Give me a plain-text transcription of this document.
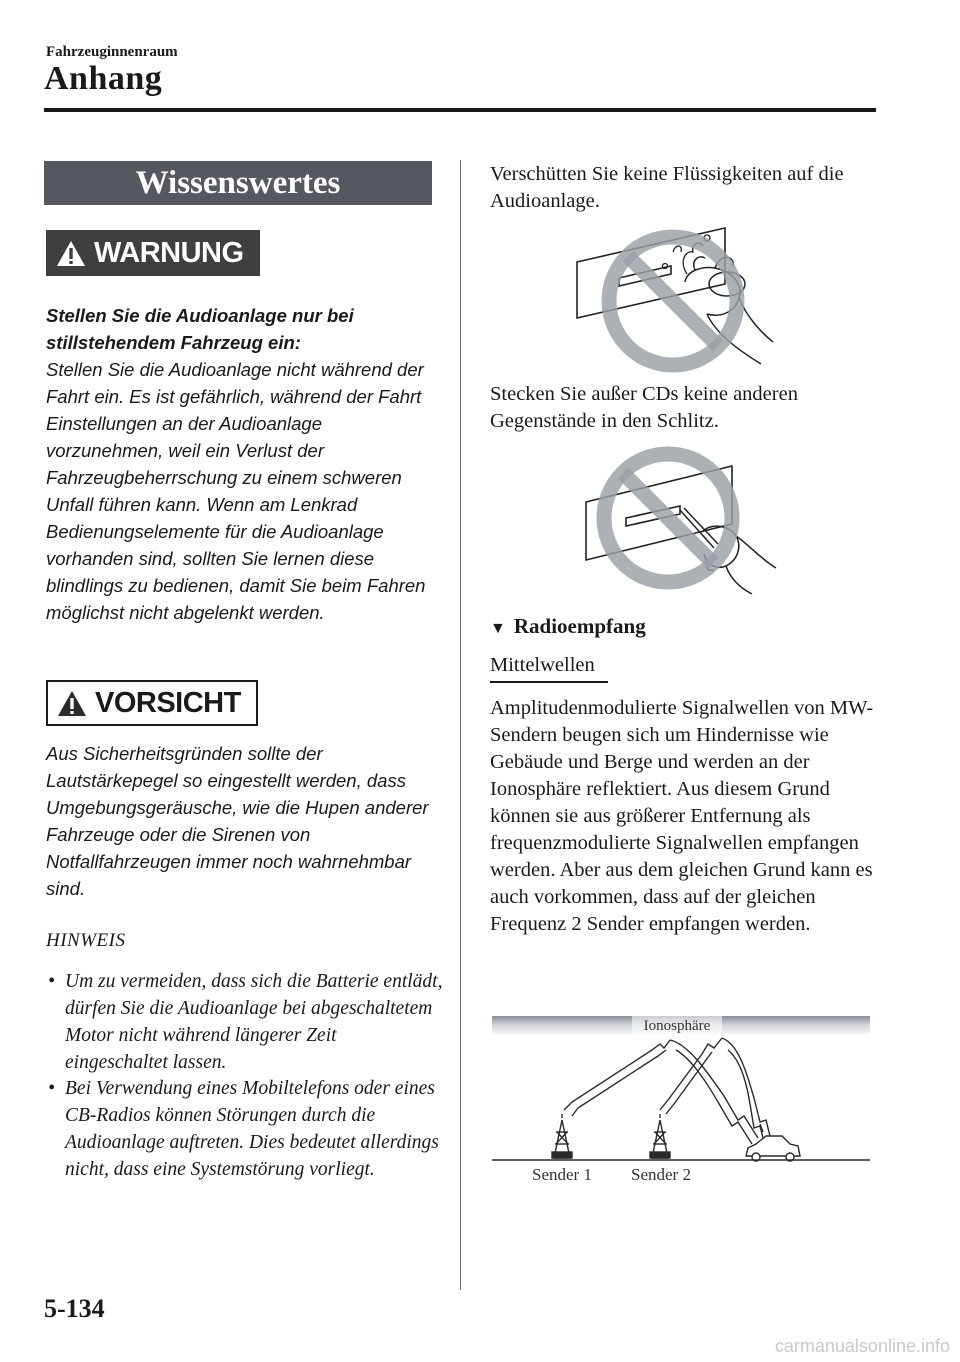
Fahrzeuginnenraum
Anhang
Wissenswertes
WARNUNG

Stellen Sie die Audioanlage nur bei stillstehendem Fahrzeug ein:

Stellen Sie die Audioanlage nicht während der Fahrt ein. Es ist gefährlich, während der Fahrt Einstellungen an der Audioanlage vorzunehmen, weil ein Verlust der Fahrzeugbeherrschung zu einem schweren Unfall führen kann. Wenn am Lenkrad Bedienungselemente für die Audioanlage vorhanden sind, sollten Sie lernen diese blindlings zu bedienen, damit Sie beim Fahren möglichst nicht abgelenkt werden.

VORSICHT

Aus Sicherheitsgründen sollte der Lautstärkepegel so eingestellt werden, dass Umgebungsgeräusche, wie die Hupen anderer Fahrzeuge oder die Sirenen von Notfallfahrzeugen immer noch wahrnehmbar sind.

HINWEIS
• Um zu vermeiden, dass sich die Batterie entlädt, dürfen Sie die Audioanlage bei abgeschaltetem Motor nicht während längerer Zeit eingeschaltet lassen.
• Bei Verwendung eines Mobiltelefons oder eines CB-Radios können Störungen durch die Audioanlage auftreten. Dies bedeutet allerdings nicht, dass eine Systemstörung vorliegt.

Verschütten Sie keine Flüssigkeiten auf die Audioanlage.

Stecken Sie außer CDs keine anderen Gegenstände in den Schlitz.

▼ Radioempfang
Mittelwellen

Amplitudenmodulierte Signalwellen von MW-Sendern beugen sich um Hindernisse wie Gebäude und Berge und werden an der Ionosphäre reflektiert. Aus diesem Grund können sie aus größerer Entfernung als frequenzmodulierte Signalwellen empfangen werden. Aber aus dem gleichen Grund kann es auch vorkommen, dass auf der gleichen Frequenz 2 Sender empfangen werden.

Ionosphäre
Sender 1 Sender 2
5-134
carmanualsonline.info
